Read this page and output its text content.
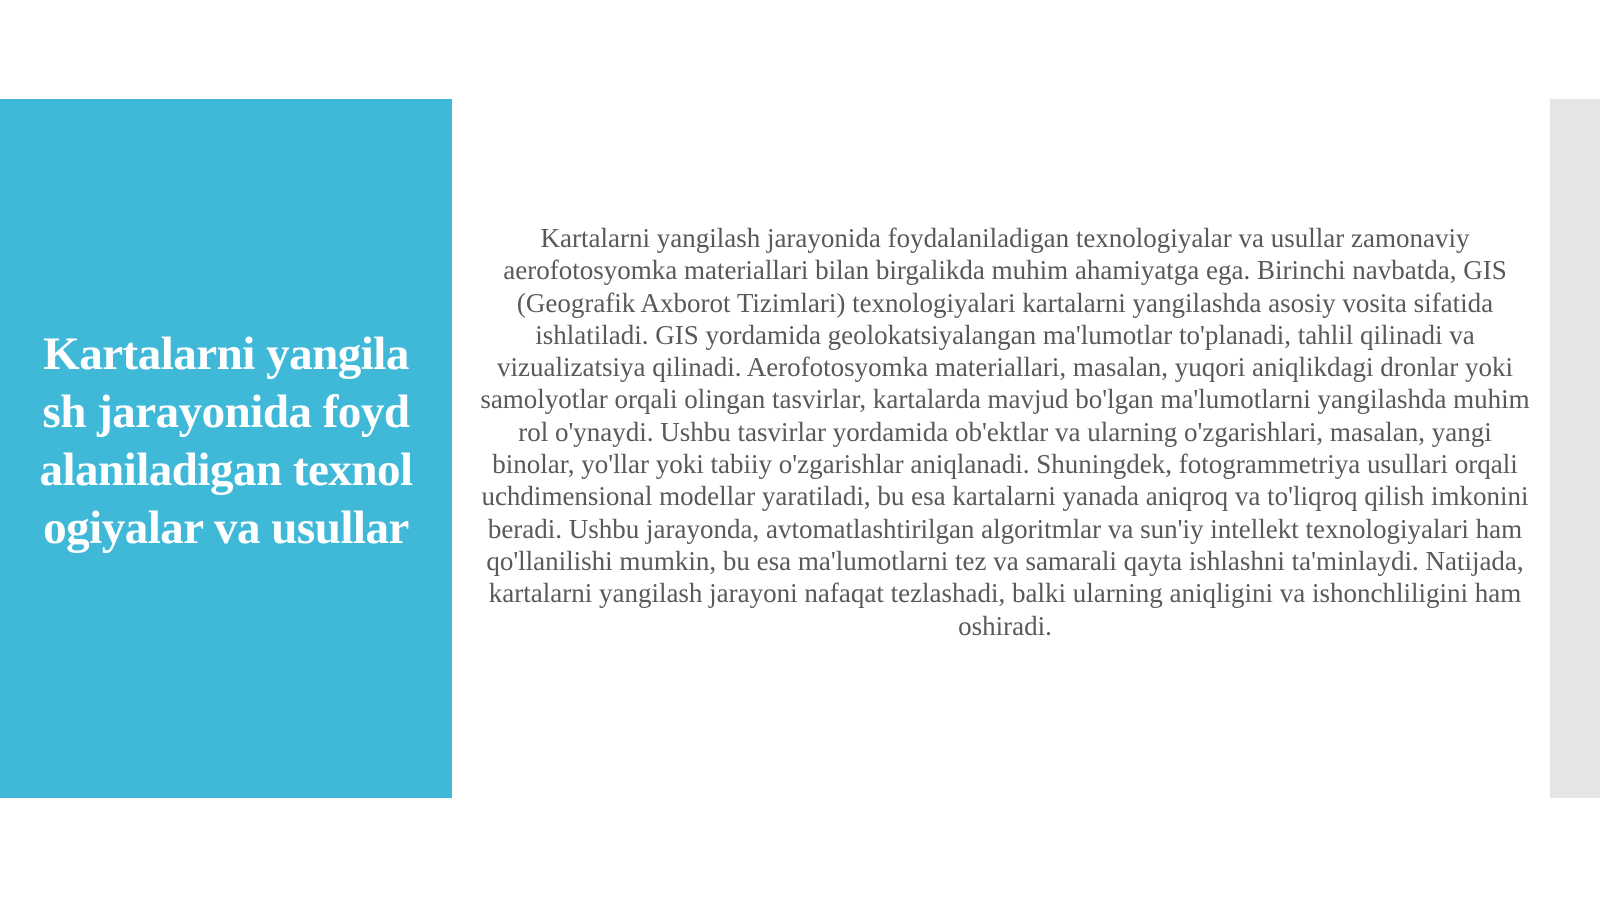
Kartalarni yangilash jarayonida foydalaniladigan texnologiyalar va usullar

Kartalarni yangilash jarayonida foydalaniladigan texnologiyalar va usullar zamonaviy aerofotosyomka materiallari bilan birgalikda muhim ahamiyatga ega. Birinchi navbatda, GIS (Geografik Axborot Tizimlari) texnologiyalari kartalarni yangilashda asosiy vosita sifatida ishlatiladi. GIS yordamida geolokatsiyalangan ma'lumotlar to'planadi, tahlil qilinadi va vizualizatsiya qilinadi. Aerofotosyomka materiallari, masalan, yuqori aniqlikdagi dronlar yoki samolyotlar orqali olingan tasvirlar, kartalarda mavjud bo'lgan ma'lumotlarni yangilashda muhim rol o'ynaydi. Ushbu tasvirlar yordamida ob'ektlar va ularning o'zgarishlari, masalan, yangi binolar, yo'llar yoki tabiiy o'zgarishlar aniqlanadi. Shuningdek, fotogrammetriya usullari orqali uchdimensional modellar yaratiladi, bu esa kartalarni yanada aniqroq va to'liqroq qilish imkonini beradi. Ushbu jarayonda, avtomatlashtirilgan algoritmlar va sun'iy intellekt texnologiyalari ham qo'llanilishi mumkin, bu esa ma'lumotlarni tez va samarali qayta ishlashni ta'minlaydi. Natijada, kartalarni yangilash jarayoni nafaqat tezlashadi, balki ularning aniqligini va ishonchliligini ham oshiradi.
